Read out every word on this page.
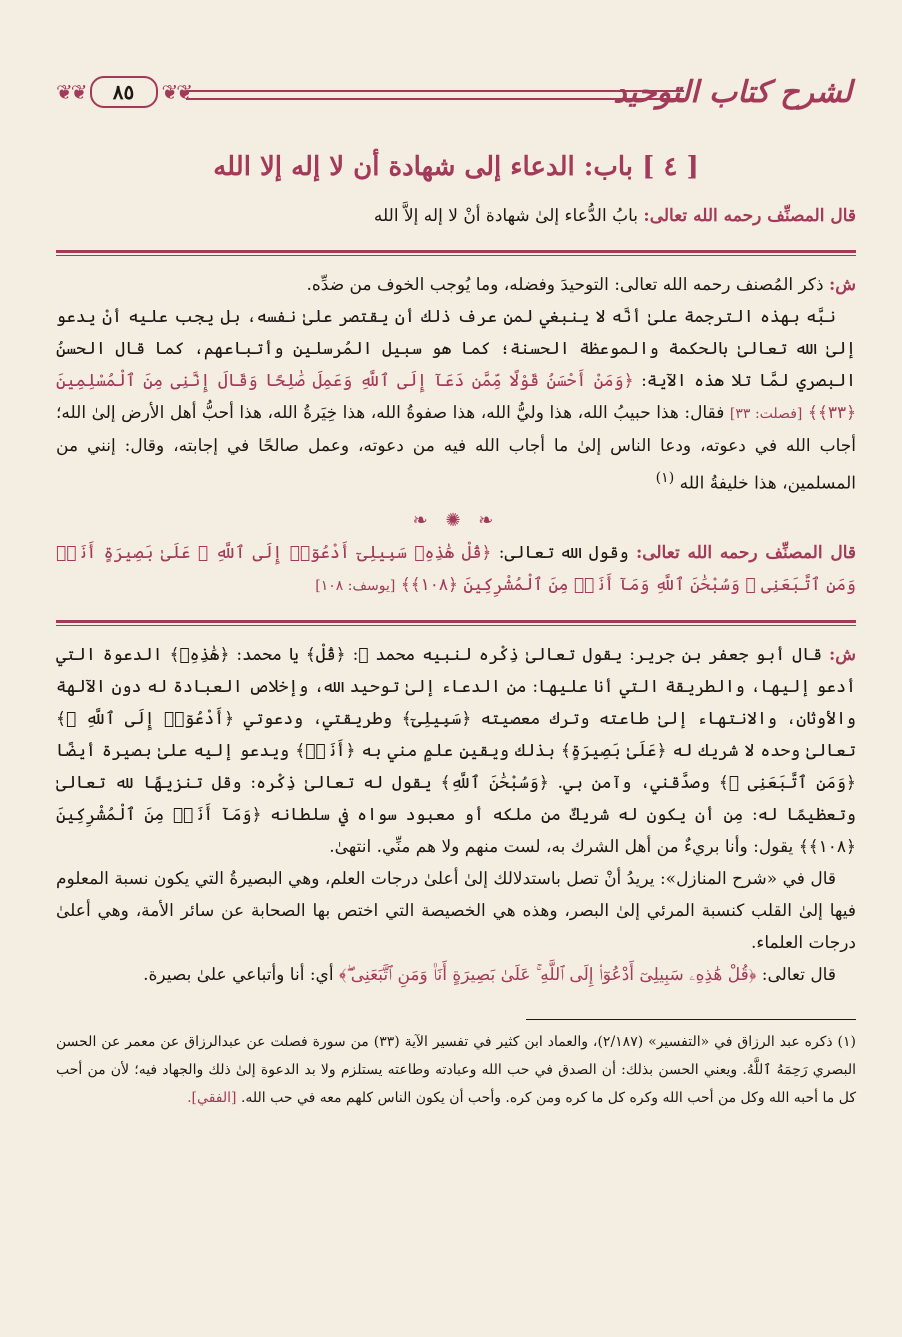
لشرح كتاب التوحيد
❦❦	٨٥	❦❦
[ ٤ ] باب: الدعاء إلى شهادة أن لا إله إلا الله

قال المصنِّف رحمه الله تعالى: بابُ الدُّعاء إلىٰ شهادة أنْ لا إله إلاَّ الله

ش: ذكر المُصنف رحمه الله تعالى: التوحيدَ وفضله، وما يُوجب الخوف من ضدِّه.

نبَّه بهذه الترجمة علىٰ أنَّه لا ينبغي لمن عرف ذلك أن يقتصر علىٰ نفسه، بل يجب عليه أنْ يدعو إلىٰ الله تعالىٰ بالحكمة والموعظة الحسنة؛ كما هو سبيل المُرسلين وأتباعهم، كما قال الحسنُ البصري لمَّا تلا هذه الآية: ﴿وَمَنْ أَحْسَنُ قَوْلًا مِّمَّن دَعَآ إِلَى ٱللَّهِ وَعَمِلَ صَٰلِحًا وَقَالَ إِنَّنِى مِنَ ٱلْمُسْلِمِينَ ﴿٣٣﴾﴾ [فصلت: ٣٣] فقال: هذا حبيبُ الله، هذا وليُّ الله، هذا صفوةُ الله، هذا خِيَرةُ الله، هذا أحبُّ أهل الأرض إلىٰ الله؛ أجاب الله في دعوته، ودعا الناس إلىٰ ما أجاب الله فيه من دعوته، وعمل صالحًا في إجابته، وقال: إنني من المسلمين، هذا خليفةُ الله $^{(١)}$

❧ ✺ ❧

قال المصنِّف رحمه الله تعالى: وقول الله تعالى: ﴿قُلْ هَٰذِهِۦ سَبِيلِىٓ أَدْعُوٓا۟ إِلَى ٱللَّهِ ۚ عَلَىٰ بَصِيرَةٍ أَنَا۠ وَمَنِ ٱتَّبَعَنِى ۖ وَسُبْحَٰنَ ٱللَّهِ وَمَآ أَنَا۠ مِنَ ٱلْمُشْرِكِينَ ﴿١٠٨﴾﴾ [يوسف: ١٠٨]

ش: قال أبو جعفر بن جرير: يقول تعالىٰ ذِكْره لنبيه محمد ﷺ: ﴿قُلْ﴾ يا محمد: ﴿هَٰذِهِۦ﴾ الدعوة التي أدعو إليها، والطريقة التي أنا عليها: من الدعاء إلىٰ توحيد الله، وإخلاص العبادة له دون الآلهة والأوثان، والانتهاء إلىٰ طاعته وترك معصيته ﴿سَبِيلِىٓ﴾ وطريقتي، ودعوتي ﴿أَدْعُوٓا۟ إِلَى ٱللَّهِ ۚ﴾ تعالىٰ وحده لا شريك له ﴿عَلَىٰ بَصِيرَةٍ﴾ بذلك ويقينِ علمٍ مني به ﴿أَنَا۠﴾ ويدعو إليه علىٰ بصيرة أيضًا ﴿وَمَنِ ٱتَّبَعَنِى ۖ﴾ وصدَّقني، وآمن بي. ﴿وَسُبْحَٰنَ ٱللَّهِ﴾ يقول له تعالىٰ ذِكْره: وقل تنزيهًا لله تعالىٰ وتعظيمًا له: مِن أن يكون له شريكٌ من ملكه أو معبود سواه في سلطانه ﴿وَمَآ أَنَا۠ مِنَ ٱلْمُشْرِكِينَ ﴿١٠٨﴾﴾ يقول: وأنا بريءٌ من أهل الشرك به، لست منهم ولا هم منِّي. انتهىٰ.

قال في «شرح المنازل»: يريدُ أنْ تصل باستدلالك إلىٰ أعلىٰ درجات العلم، وهي البصيرةُ التي يكون نسبة المعلوم فيها إلىٰ القلب كنسبة المرئي إلىٰ البصر، وهذه هي الخصيصة التي اختص بها الصحابة عن سائر الأمة، وهي أعلىٰ درجات العلماء.

قال تعالى: ﴿قُلْ هَٰذِهِۦ سَبِيلِىٓ أَدْعُوٓا۟ إِلَى ٱللَّهِ ۚ عَلَىٰ بَصِيرَةٍ أَنَا۠ وَمَنِ ٱتَّبَعَنِى ۖ﴾ أي: أنا وأتباعي علىٰ بصيرة.

(١) ذكره عبد الرزاق في «التفسير» (٢/١٨٧)، والعماد ابن كثير في تفسير الآية (٣٣) من سورة فصلت عن عبدالرزاق عن معمر عن الحسن البصري رَحِمَهُ ٱللَّهُ. ويعني الحسن بذلك: أن الصدق في حب الله وعبادته وطاعته يستلزم ولا بد الدعوة إلىٰ ذلك والجهاد فيه؛ لأن من أحب كل ما أحبه الله وكل من أحب الله وكره كل ما كره ومن كره. وأحب أن يكون الناس كلهم معه في حب الله. [الفقي].
